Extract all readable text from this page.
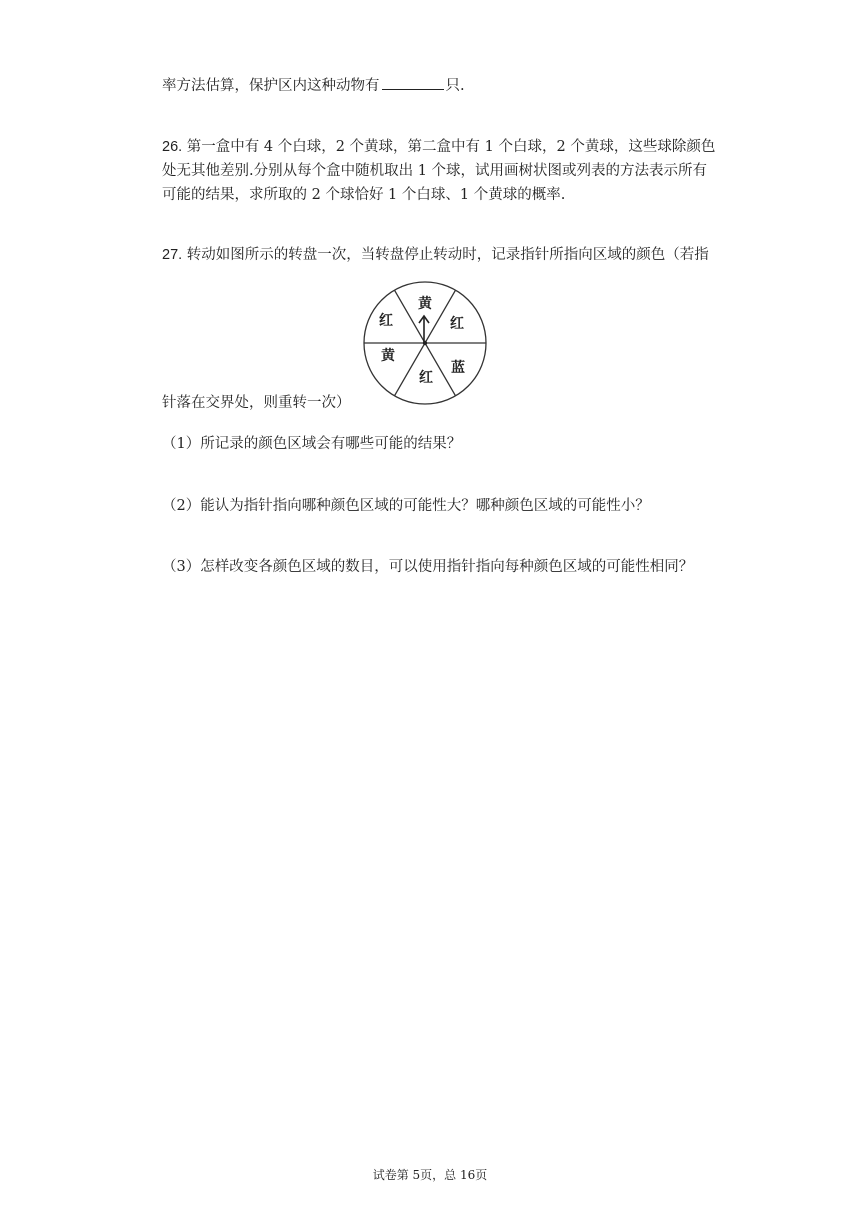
率方法估算，保护区内这种动物有	只.
26. 第一盒中有 4 个白球，2 个黄球，第二盒中有 1 个白球，2 个黄球，这些球除颜色
处无其他差别.分别从每个盒中随机取出 1 个球，试用画树状图或列表的方法表示所有
可能的结果，求所取的 2 个球恰好 1 个白球、1 个黄球的概率.
27. 转动如图所示的转盘一次，当转盘停止转动时，记录指针所指向区域的颜色（若指
黄
红
蓝
红
黄
红
针落在交界处，则重转一次）
（1）所记录的颜色区域会有哪些可能的结果？
（2）能认为指针指向哪种颜色区域的可能性大？哪种颜色区域的可能性小？
（3）怎样改变各颜色区域的数目，可以使用指针指向每种颜色区域的可能性相同？
试卷第 5页，总 16页
